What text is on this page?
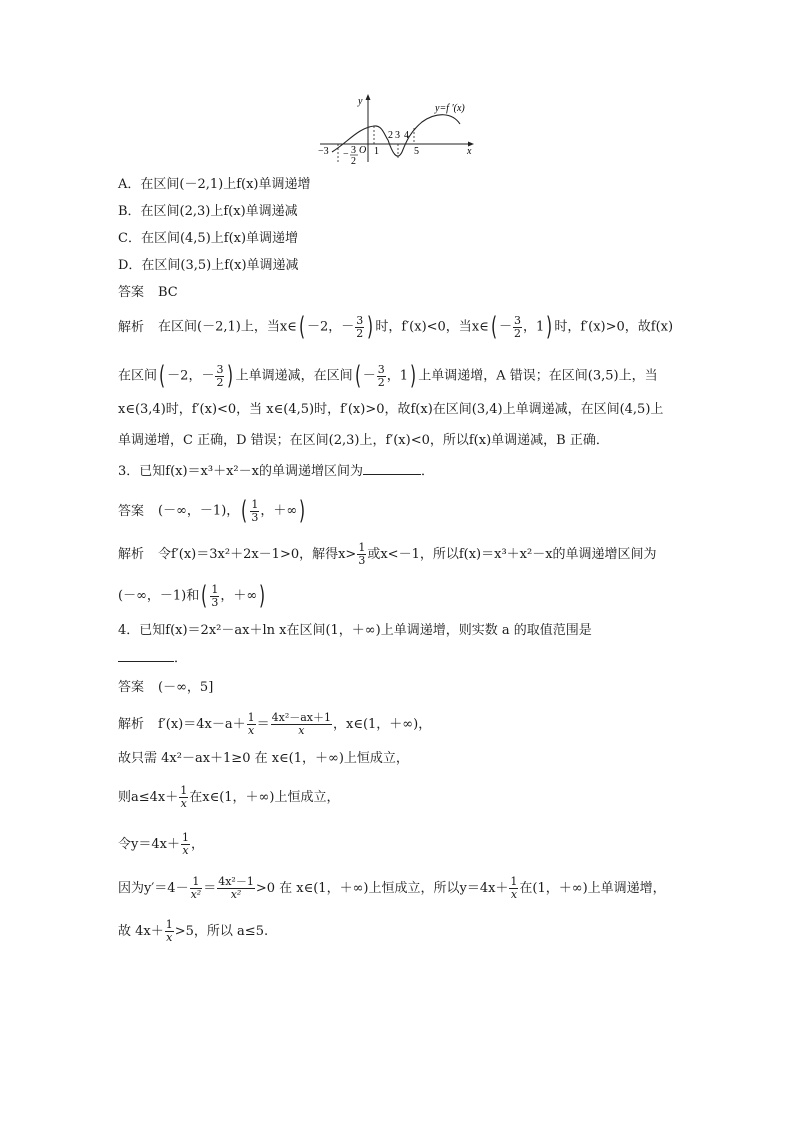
y
x
y=f ′(x)
−3 − 3
2
O 1
2 3 4
5
A．在区间(－2,1)上f(x)单调递增
B．在区间(2,3)上f(x)单调递减
C．在区间(4,5)上f(x)单调递增
D．在区间(3,5)上f(x)单调递减
答案 BC
解析 在区间(－2,1)上，当x∈( －2，－ $\frac{3}{2}$ ) 时，f′(x)<0，当x∈( － $\frac{3}{2}$ ，1) 时，f′(x)>0，故f(x)
在区间( －2，－ $\frac{3}{2}$ ) 上单调递减，在区间( － $\frac{3}{2}$ ，1) 上单调递增，A 错误；在区间(3,5)上，当
x∈(3,4)时，f′(x)<0，当 x∈(4,5)时，f′(x)>0，故f(x)在区间(3,4)上单调递减，在区间(4,5)上
单调递增，C 正确，D 错误；在区间(2,3)上，f′(x)<0，所以f(x)单调递减，B 正确．
3．已知f(x)＝x³＋x²－x的单调递增区间为	．
答案 (－∞，－1)，( $\frac{1}{3}$ ，＋∞)
解析 令f′(x)＝3x²＋2x－1>0，解得$x> \frac{1}{3}$ 或x<－1，所以f(x)＝x³＋x²－x的单调递增区间为
(－∞，－1)和( $\frac{1}{3}$ ，＋∞)
4．已知f(x)＝2x²－ax＋ln x在区间(1，＋∞)上单调递增，则实数 a 的取值范围是
．
答案 (－∞，5]
解析 $f'(x)=4x-a+ \frac{1}{x} = \frac{\text{4x²－ax＋1}}{x}$ ，x∈(1，＋∞)，
故只需 4x²－ax＋1≥0 在 x∈(1，＋∞)上恒成立，
则$a\le 4x+ \frac{1}{x}$ 在x∈(1，＋∞)上恒成立，
令$y=4x+ \frac{1}{x}$ ，
因为$y'=4- \frac{1}{\text{x²}} = \frac{\text{4x²－1}}{\text{x²}} >0$ 在 x∈(1，＋∞)上恒成立，所以$y=4x+ \frac{1}{x}$ 在(1，＋∞)上单调递增，
故 $4x+ \frac{1}{x} >5$，所以 a≤5.
